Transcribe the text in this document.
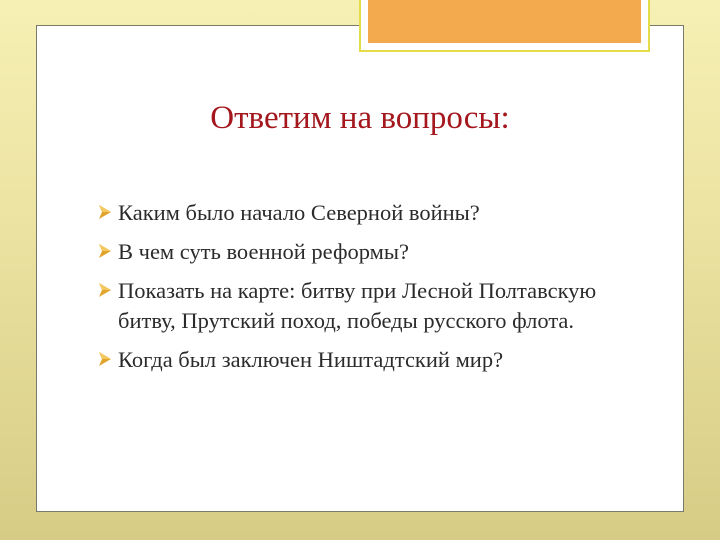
Ответим на вопросы:
Каким было начало Северной войны?
В чем суть военной реформы?
Показать на карте: битву при Лесной Полтавскую битву, Прутский поход, победы русского флота.
Когда был заключен Ништадтский мир?
